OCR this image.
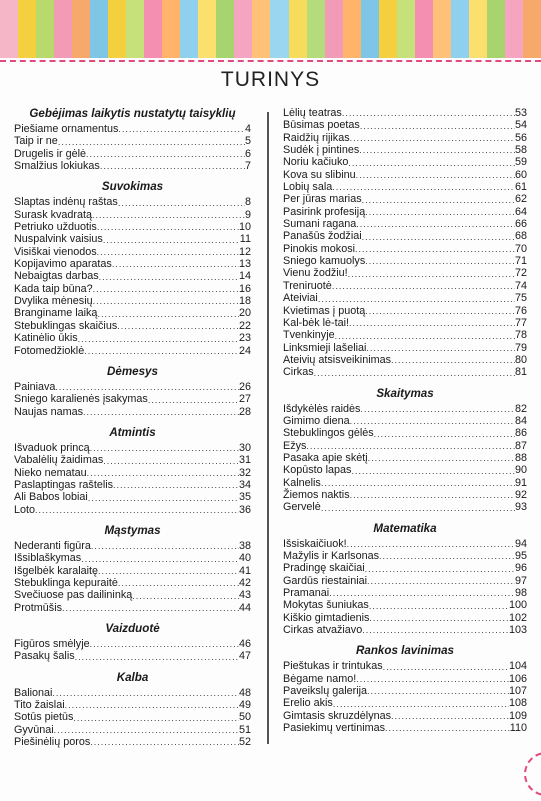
TURINYS
Gebėjimas laikytis nustatytų taisyklių
Piešiame ornamentus .....	4
Taip ir ne .....	5
Drugelis ir gėlė .....	6
Smalžius lokiukas .....	7
Suvokimas
Slaptas indėnų raštas .....	8
Surask kvadratą .....	9
Petriuko užduotis .....	10
Nuspalvink vaisius .....	11
Visiškai vienodos .....	12
Kopijavimo aparatas .....	13
Nebaigtas darbas .....	14
Kada taip būna? .....	16
Dvylika mėnesių .....	18
Branginame laiką .....	20
Stebuklingas skaičius .....	22
Katinėlio ūkis .....	23
Fotomedžioklė .....	24
Dėmesys
Painiava .....	26
Sniego karalienės įsakymas .....	27
Naujas namas .....	28
Atmintis
Išvaduok princą .....	30
Vabalėlių žaidimas .....	31
Nieko nematau .....	32
Paslaptingas raštelis .....	34
Ali Babos lobiai .....	35
Loto .....	36
Mąstymas
Nederanti figūra .....	38
Išsiblaškymas .....	40
Išgelbėk karalaitę .....	41
Stebuklinga kepuraitė .....	42
Svečiuose pas dailininką .....	43
Protmūšis .....	44
Vaizduotė
Figūros smėlyje .....	46
Pasakų šalis .....	47
Kalba
Balionai .....	48
Tito žaislai .....	49
Sotūs pietūs .....	50
Gyvūnai .....	51
Piešinėlių poros .....	52
Lėlių teatras .....	53
Būsimas poetas .....	54
Raidžių rijikas .....	56
Sudėk į pintines .....	58
Noriu kačiuko .....	59
Kova su slibinu .....	60
Lobių sala .....	61
Per jūras marias .....	62
Pasirink profesiją .....	64
Sumani ragana .....	66
Panašūs žodžiai .....	68
Pinokis mokosi .....	70
Sniego kamuolys .....	71
Vienu žodžiu! .....	72
Treniruotė .....	74
Ateiviai .....	75
Kvietimas į puotą .....	76
Kal-bėk lė-tai! .....	77
Tvenkinyje .....	78
Linksmieji lašeliai .....	79
Ateivių atsisveikinimas .....	80
Cirkas .....	81
Skaitymas
Išdykėlės raidės .....	82
Gimimo diena .....	84
Stebuklingos gėlės .....	86
Ežys .....	87
Pasaka apie skėtį .....	88
Kopūsto lapas .....	90
Kalnelis .....	91
Žiemos naktis .....	92
Gervelė .....	93
Matematika
Išsiskaičiuok! .....	94
Mažylis ir Karlsonas .....	95
Pradingę skaičiai .....	96
Gardūs riestainiai .....	97
Pramanai .....	98
Mokytas šuniukas .....	100
Kiškio gimtadienis .....	102
Cirkas atvažiavo .....	103
Rankos lavinimas
Pieštukas ir trintukas .....	104
Bėgame namo! .....	106
Paveikslų galerija .....	107
Erelio akis .....	108
Gimtasis skruzdėlynas .....	109
Pasiekimų vertinimas .....	110
